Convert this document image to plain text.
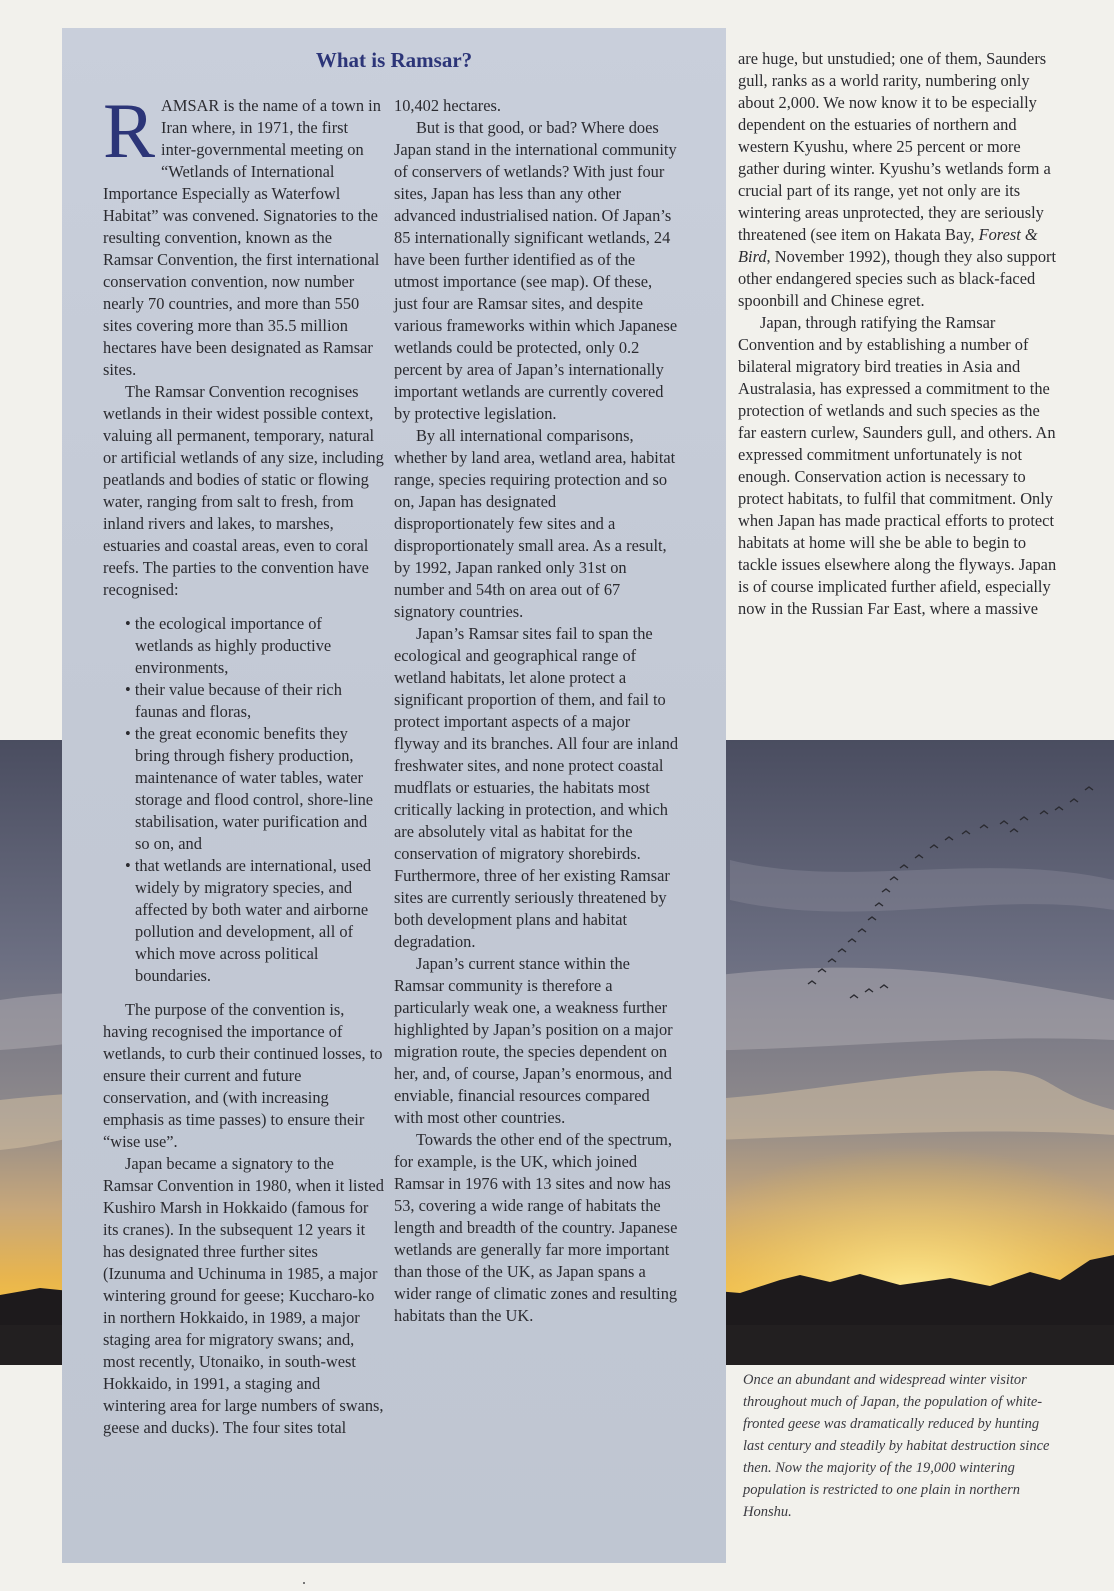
What is Ramsar?

RAMSAR is the name of a town in Iran where, in 1971, the first inter-governmental meeting on “Wetlands of International Importance Especially as Waterfowl Habitat” was convened. Signatories to the resulting convention, known as the Ramsar Convention, the first international conservation convention, now number nearly 70 countries, and more than 550 sites covering more than 35.5 million hectares have been designated as Ramsar sites.

The Ramsar Convention recognises wetlands in their widest possible context, valuing all permanent, temporary, natural or artificial wetlands of any size, including peatlands and bodies of static or flowing water, ranging from salt to fresh, from inland rivers and lakes, to marshes, estuaries and coastal areas, even to coral reefs. The parties to the convention have recognised:

• the ecological importance of wetlands as highly productive environments,
• their value because of their rich faunas and floras,
• the great economic benefits they bring through fishery production, maintenance of water tables, water storage and flood control, shore-line stabilisation, water purification and so on, and
• that wetlands are international, used widely by migratory species, and affected by both water and airborne pollution and development, all of which move across political boundaries.

The purpose of the convention is, having recognised the importance of wetlands, to curb their continued losses, to ensure their current and future conservation, and (with increasing emphasis as time passes) to ensure their “wise use”.

Japan became a signatory to the Ramsar Convention in 1980, when it listed Kushiro Marsh in Hokkaido (famous for its cranes). In the subsequent 12 years it has designated three further sites (Izunuma and Uchinuma in 1985, a major wintering ground for geese; Kuccharo-ko in northern Hokkaido, in 1989, a major staging area for migratory swans; and, most recently, Utonaiko, in south-west Hokkaido, in 1991, a staging and wintering area for large numbers of swans, geese and ducks). The four sites total

10,402 hectares.

But is that good, or bad? Where does Japan stand in the international community of conservers of wetlands? With just four sites, Japan has less than any other advanced industrialised nation. Of Japan’s 85 internationally significant wetlands, 24 have been further identified as of the utmost importance (see map). Of these, just four are Ramsar sites, and despite various frameworks within which Japanese wetlands could be protected, only 0.2 percent by area of Japan’s internationally important wetlands are currently covered by protective legislation.

By all international comparisons, whether by land area, wetland area, habitat range, species requiring protection and so on, Japan has designated disproportionately few sites and a disproportionately small area. As a result, by 1992, Japan ranked only 31st on number and 54th on area out of 67 signatory countries.

Japan’s Ramsar sites fail to span the ecological and geographical range of wetland habitats, let alone protect a significant proportion of them, and fail to protect important aspects of a major flyway and its branches. All four are inland freshwater sites, and none protect coastal mudflats or estuaries, the habitats most critically lacking in protection, and which are absolutely vital as habitat for the conservation of migratory shorebirds. Furthermore, three of her existing Ramsar sites are currently seriously threatened by both development plans and habitat degradation.

Japan’s current stance within the Ramsar community is therefore a particularly weak one, a weakness further highlighted by Japan’s position on a major migration route, the species dependent on her, and, of course, Japan’s enormous, and enviable, financial resources compared with most other countries.

Towards the other end of the spectrum, for example, is the UK, which joined Ramsar in 1976 with 13 sites and now has 53, covering a wide range of habitats the length and breadth of the country. Japanese wetlands are generally far more important than those of the UK, as Japan spans a wider range of climatic zones and resulting habitats than the UK.

are huge, but unstudied; one of them, Saunders gull, ranks as a world rarity, numbering only about 2,000. We now know it to be especially dependent on the estuaries of northern and western Kyushu, where 25 percent or more gather during winter. Kyushu’s wetlands form a crucial part of its range, yet not only are its wintering areas unprotected, they are seriously threatened (see item on Hakata Bay, Forest & Bird, November 1992), though they also support other endangered species such as black-faced spoonbill and Chinese egret.

Japan, through ratifying the Ramsar Convention and by establishing a number of bilateral migratory bird treaties in Asia and Australasia, has expressed a commitment to the protection of wetlands and such species as the far eastern curlew, Saunders gull, and others. An expressed commitment unfortunately is not enough. Conservation action is necessary to protect habitats, to fulfil that commitment. Only when Japan has made practical efforts to protect habitats at home will she be able to begin to tackle issues elsewhere along the flyways. Japan is of course implicated further afield, especially now in the Russian Far East, where a massive

Once an abundant and widespread winter visitor throughout much of Japan, the population of white-fronted geese was dramatically reduced by hunting last century and steadily by habitat destruction since then. Now the majority of the 19,000 wintering population is restricted to one plain in northern Honshu.
